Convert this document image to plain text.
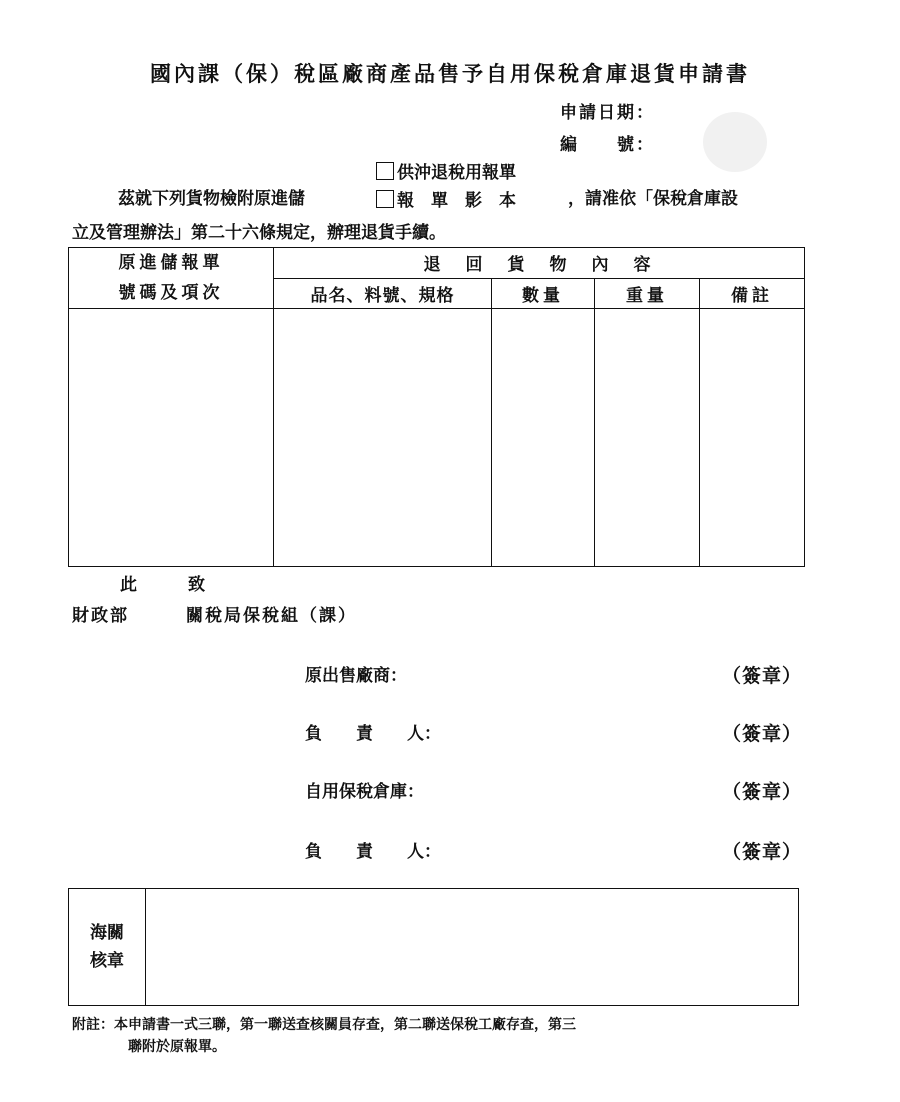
國內課（保）稅區廠商產品售予自用保稅倉庫退貨申請書
申請日期：
編　　號：
供沖退稅用報單
茲就下列貨物檢附原進儲	報　單　影　本	，請准依「保稅倉庫設
立及管理辦法」第二十六條規定，辦理退貨手續。
原進儲報單
號碼及項次	退　回　貨　物　內　容			
	品名、料號、規格	數量	重量	備註

此	致
財政部	關稅局保稅組（課）
原出售廠商：	（簽章）
負　　責　　人：	（簽章）
自用保稅倉庫：	（簽章）
負　　責　　人：	（簽章）
海關
核章
附註：本申請書一式三聯，第一聯送查核關員存查，第二聯送保稅工廠存查，第三
聯附於原報單。
